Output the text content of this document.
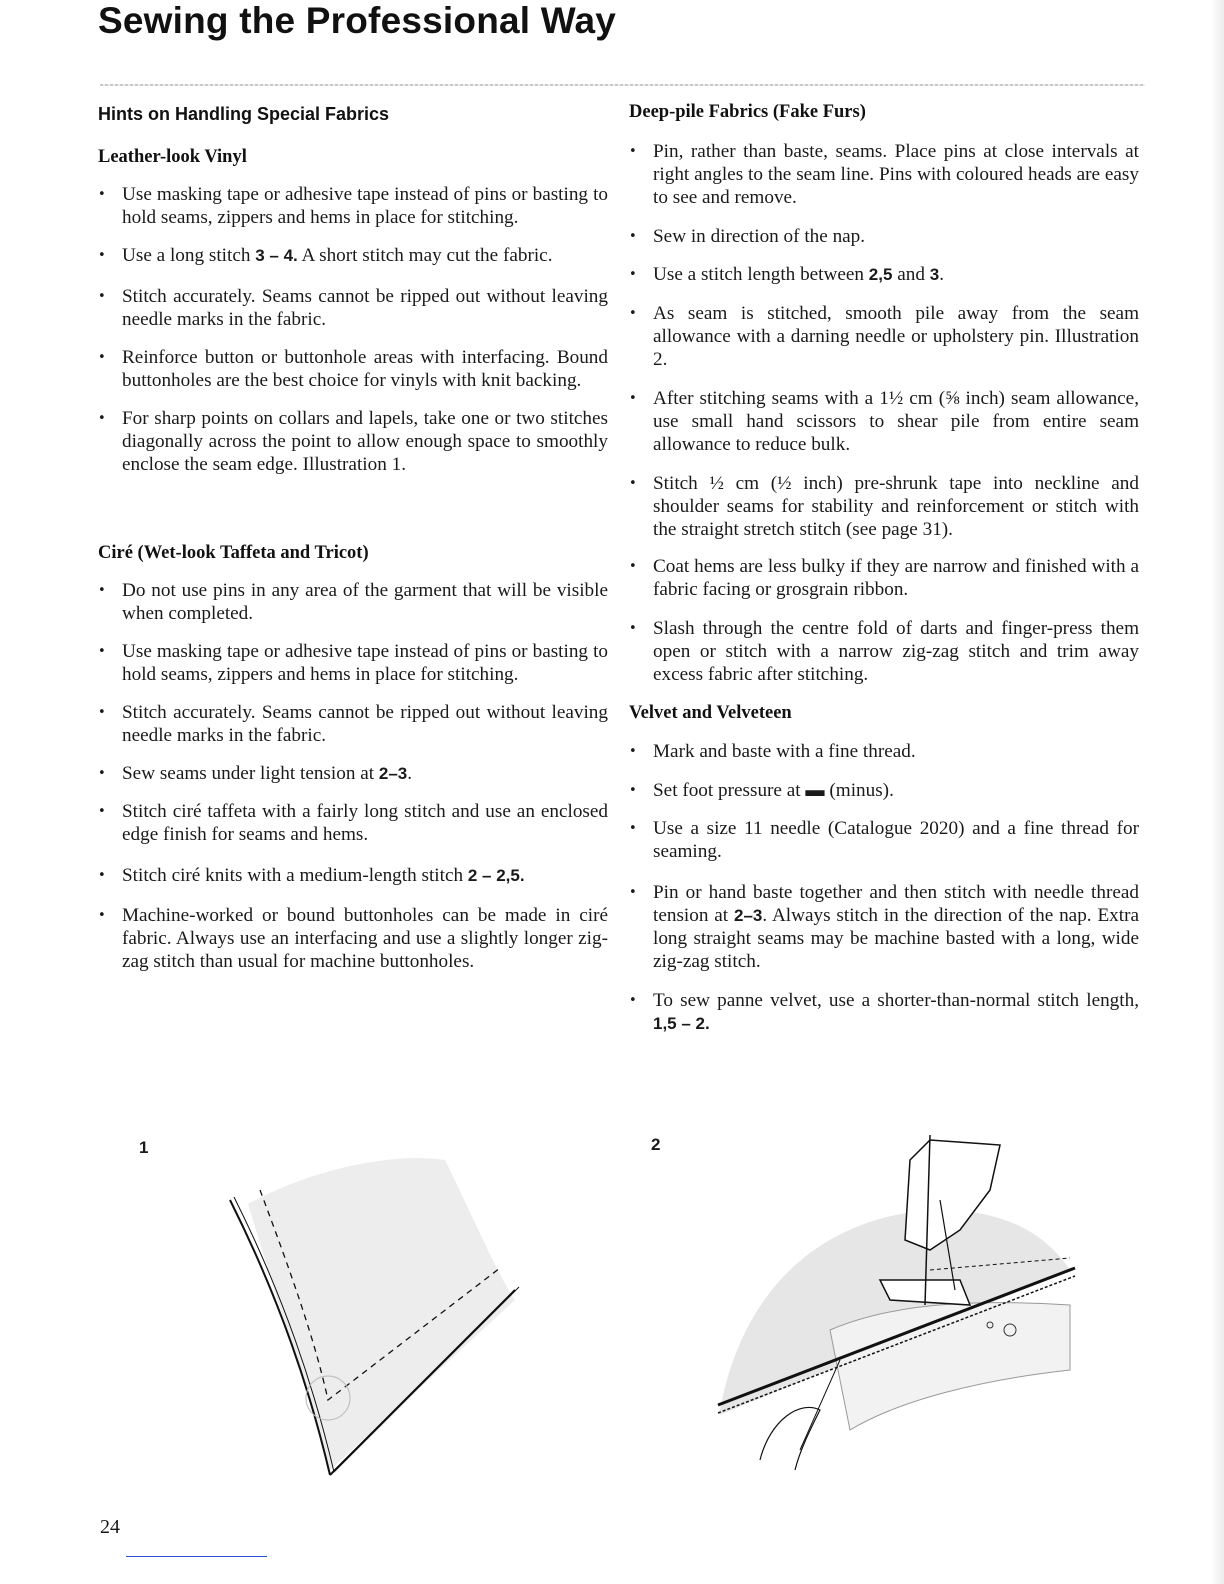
Sewing the Professional Way
Hints on Handling Special Fabrics
Leather-look Vinyl
• Use masking tape or adhesive tape instead of pins or basting to hold seams, zippers and hems in place for stitching.
• Use a long stitch 3 – 4. A short stitch may cut the fabric.
• Stitch accurately. Seams cannot be ripped out without leaving needle marks in the fabric.
• Reinforce button or buttonhole areas with interfacing. Bound buttonholes are the best choice for vinyls with knit backing.
• For sharp points on collars and lapels, take one or two stitches diagonally across the point to allow enough space to smoothly enclose the seam edge. Illustration 1.
Ciré (Wet-look Taffeta and Tricot)
• Do not use pins in any area of the garment that will be visible when completed.
• Use masking tape or adhesive tape instead of pins or basting to hold seams, zippers and hems in place for stitching.
• Stitch accurately. Seams cannot be ripped out without leaving needle marks in the fabric.
• Sew seams under light tension at 2–3.
• Stitch ciré taffeta with a fairly long stitch and use an enclosed edge finish for seams and hems.
• Stitch ciré knits with a medium-length stitch 2 – 2,5.
• Machine-worked or bound buttonholes can be made in ciré fabric. Always use an interfacing and use a slightly longer zig-zag stitch than usual for machine buttonholes.
Deep-pile Fabrics (Fake Furs)
• Pin, rather than baste, seams. Place pins at close intervals at right angles to the seam line. Pins with coloured heads are easy to see and remove.
• Sew in direction of the nap.
• Use a stitch length between 2,5 and 3.
• As seam is stitched, smooth pile away from the seam allowance with a darning needle or upholstery pin. Illustration 2.
• After stitching seams with a 1½ cm (⅝ inch) seam allowance, use small hand scissors to shear pile from entire seam allowance to reduce bulk.
• Stitch ½ cm (½ inch) pre-shrunk tape into neckline and shoulder seams for stability and reinforcement or stitch with the straight stretch stitch (see page 31).
• Coat hems are less bulky if they are narrow and finished with a fabric facing or grosgrain ribbon.
• Slash through the centre fold of darts and finger-press them open or stitch with a narrow zig-zag stitch and trim away excess fabric after stitching.
Velvet and Velveteen
• Mark and baste with a fine thread.
• Set foot pressure at ▬ (minus).
• Use a size 11 needle (Catalogue 2020) and a fine thread for seaming.
• Pin or hand baste together and then stitch with needle thread tension at 2–3. Always stitch in the direction of the nap. Extra long straight seams may be machine basted with a long, wide zig-zag stitch.
• To sew panne velvet, use a shorter-than-normal stitch length, 1,5 – 2.
1	2
24
